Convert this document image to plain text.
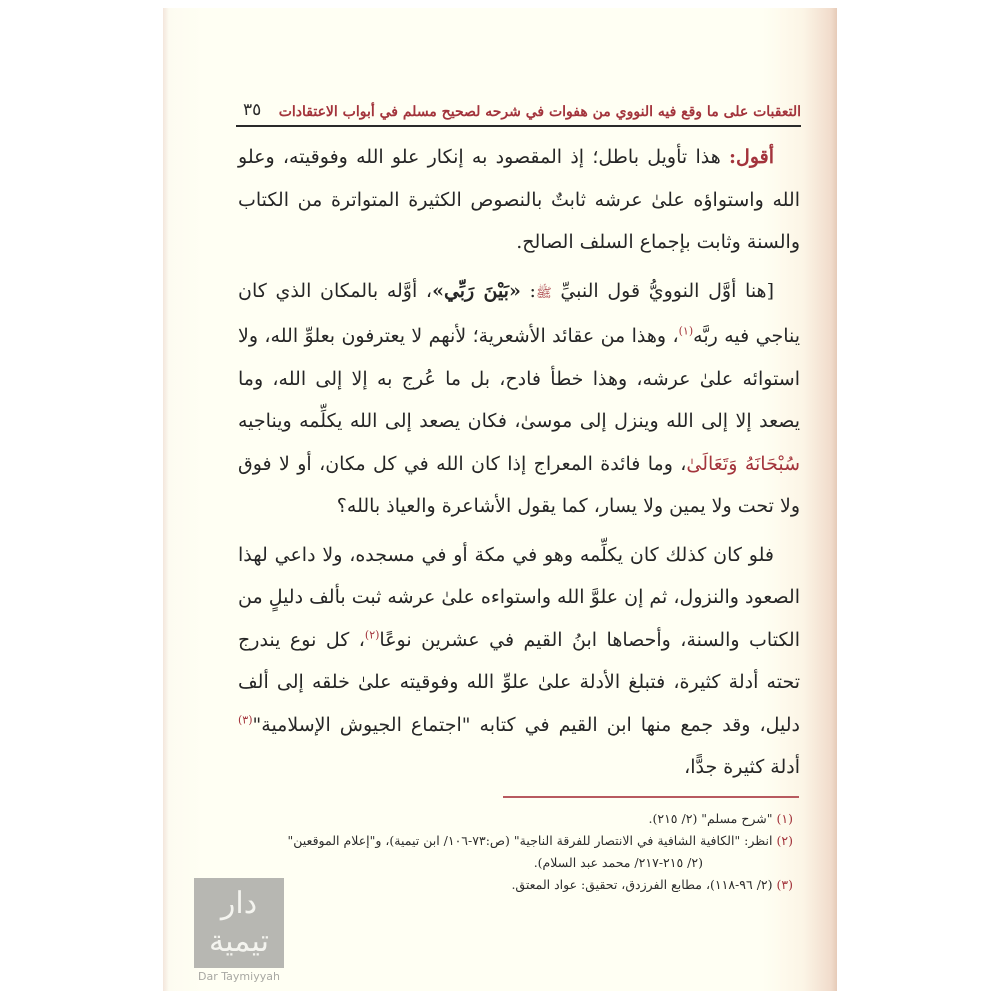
التعقبات على ما وقع فيه النووي من هفوات في شرحه لصحيح مسلم في أبواب الاعتقادات
٣٥

أقول: هذا تأويل باطل؛ إذ المقصود به إنكار علو الله وفوقيته، وعلو الله واستواؤه علىٰ عرشه ثابتٌ بالنصوص الكثيرة المتواترة من الكتاب والسنة وثابت بإجماع السلف الصالح.

[هنا أوَّل النوويُّ قول النبيِّ ﷺ: «بَيْنَ رَبِّي»، أوَّله بالمكان الذي كان يناجي فيه ربَّه$^{(١)}$، وهذا من عقائد الأشعرية؛ لأنهم لا يعترفون بعلوِّ الله، ولا استوائه علىٰ عرشه، وهذا خطأ فادح، بل ما عُرج به إلا إلى الله، وما يصعد إلا إلى الله وينزل إلى موسىٰ، فكان يصعد إلى الله يكلِّمه ويناجيه سُبْحَانَهُ وَتَعَالَىٰ، وما فائدة المعراج إذا كان الله في كل مكان، أو لا فوق ولا تحت ولا يمين ولا يسار، كما يقول الأشاعرة والعياذ بالله؟

فلو كان كذلك كان يكلِّمه وهو في مكة أو في مسجده، ولا داعي لهذا الصعود والنزول، ثم إن علوَّ الله واستواءه علىٰ عرشه ثبت بألف دليلٍ من الكتاب والسنة، وأحصاها ابنُ القيم في عشرين نوعًا$^{(٢)}$، كل نوع يندرج تحته أدلة كثيرة، فتبلغ الأدلة علىٰ علوِّ الله وفوقيته علىٰ خلقه إلى ألف دليل، وقد جمع منها ابن القيم في كتابه "اجتماع الجيوش الإسلامية"$^{(٣)}$ أدلة كثيرة جدًّا،

(١) "شرح مسلم" (٢/ ٢١٥).

(٢) انظر: "الكافية الشافية في الانتصار للفرقة الناجية" (ص:٧٣-١٠٦/ ابن تيمية)، و"إعلام الموقعين"

(٢/ ٢١٥-٢١٧/ محمد عبد السلام).

(٣) (٢/ ٩٦-١١٨)، مطابع الفرزدق، تحقيق: عواد المعتق.

دار
تيمية
Dar Taymiyyah
